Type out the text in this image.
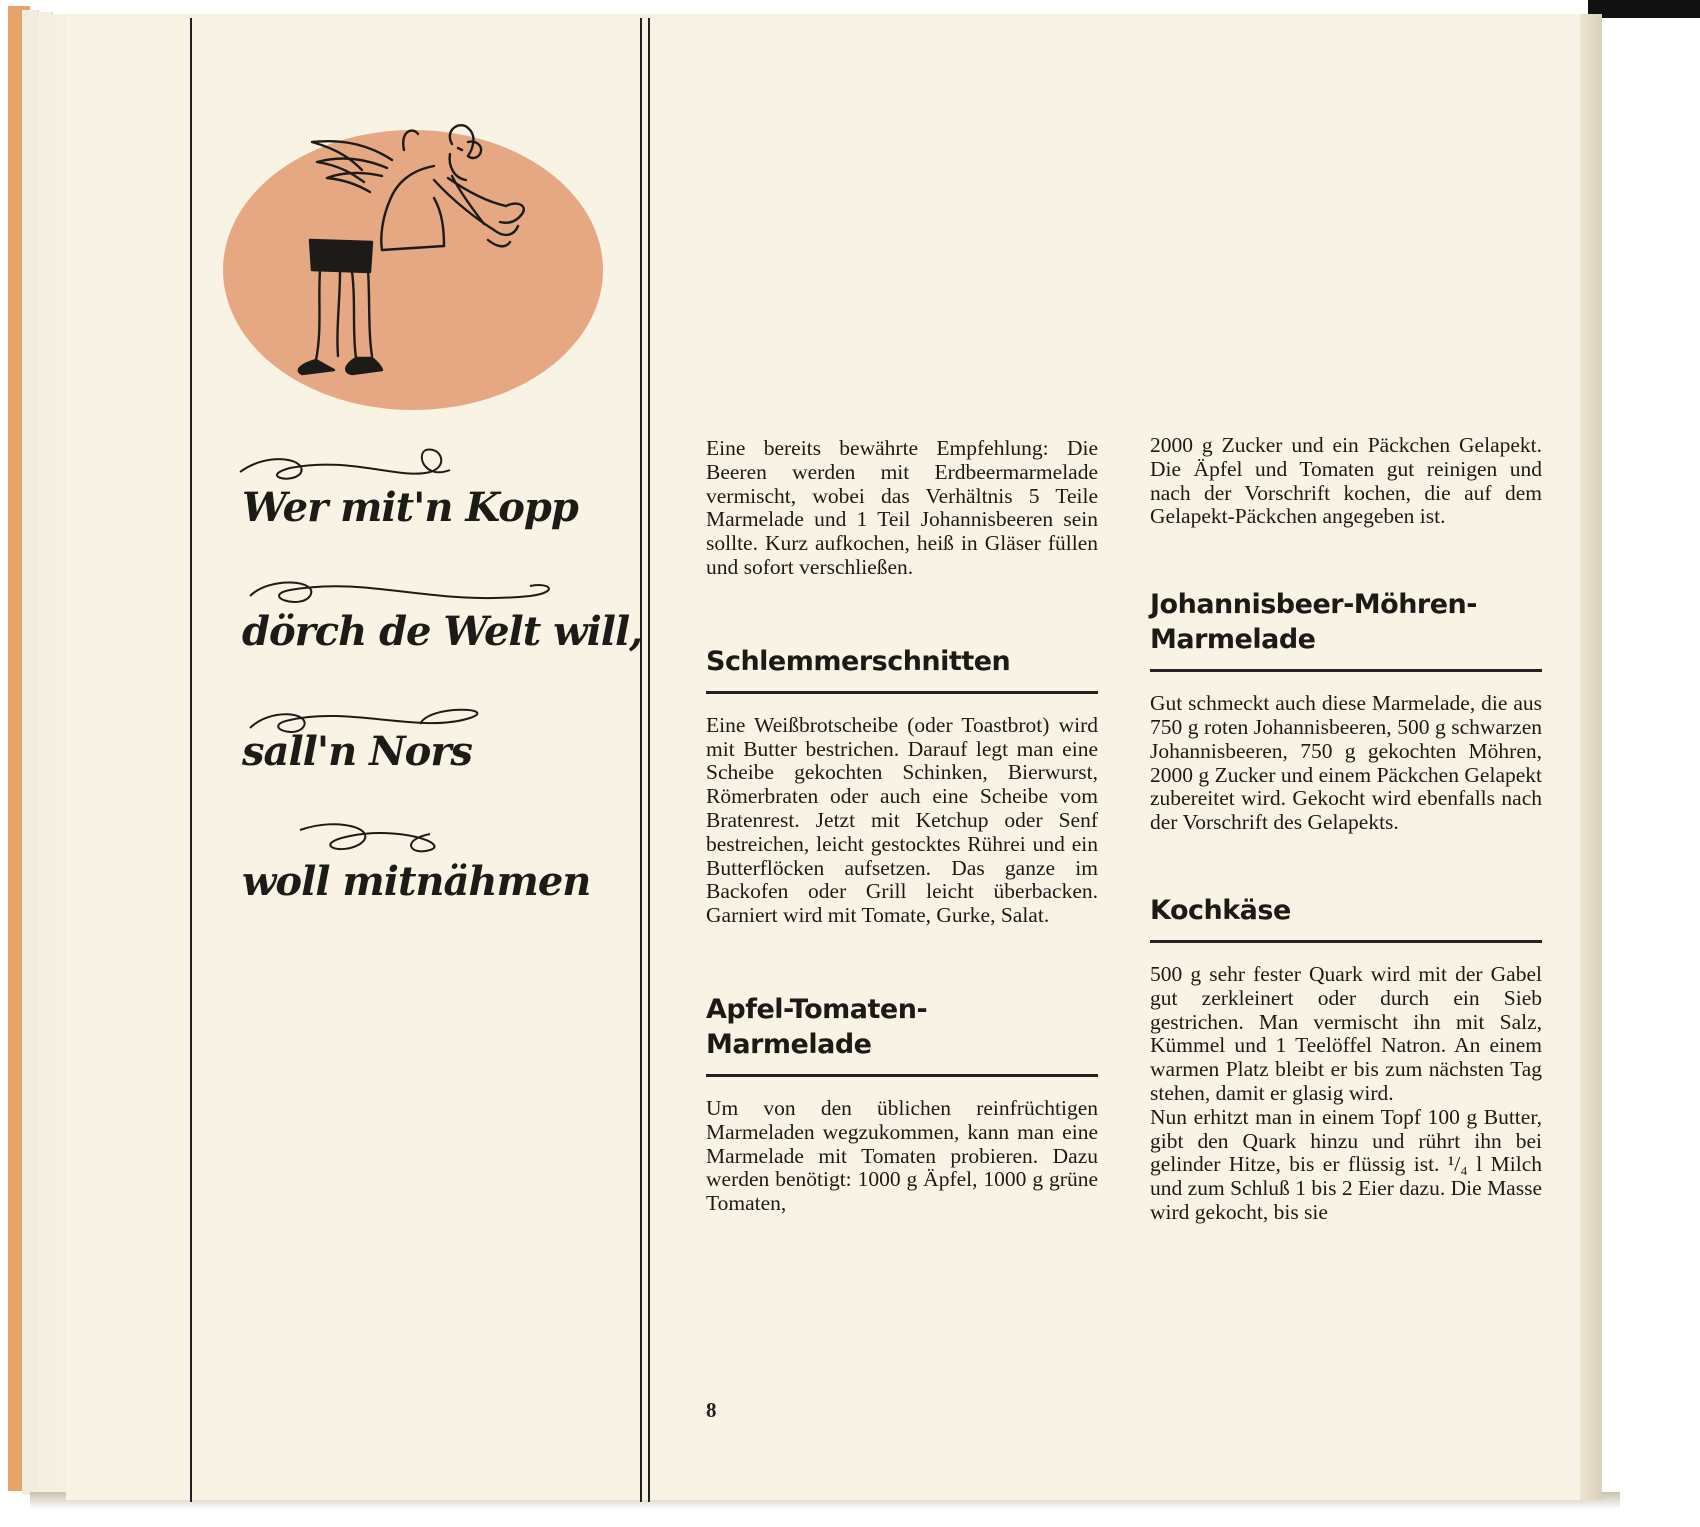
Wer mit'n Kopp
dörch de Welt will,
sall'n Nors
woll mitnähmen

Eine bereits bewährte Empfehlung: Die Beeren werden mit Erdbeermarmelade vermischt, wobei das Verhältnis 5 Teile Marmelade und 1 Teil Johannisbeeren sein sollte. Kurz aufkochen, heiß in Gläser füllen und sofort verschließen.

Schlemmerschnitten

Eine Weißbrotscheibe (oder Toastbrot) wird mit Butter bestrichen. Darauf legt man eine Scheibe gekochten Schinken, Bierwurst, Römerbraten oder auch eine Scheibe vom Bratenrest. Jetzt mit Ketchup oder Senf bestreichen, leicht gestocktes Rührei und ein Butterflöcken aufsetzen. Das ganze im Backofen oder Grill leicht überbacken. Garniert wird mit Tomate, Gurke, Salat.

Apfel-Tomaten-
Marmelade

Um von den üblichen reinfrüchtigen Marmeladen wegzukommen, kann man eine Marmelade mit Tomaten probieren. Dazu werden benötigt: 1000 g Äpfel, 1000 g grüne Tomaten,

2000 g Zucker und ein Päckchen Gelapekt. Die Äpfel und Tomaten gut reinigen und nach der Vorschrift kochen, die auf dem Gelapekt-Päckchen angegeben ist.

Johannisbeer-Möhren-
Marmelade

Gut schmeckt auch diese Marmelade, die aus 750 g roten Johannisbeeren, 500 g schwarzen Johannisbeeren, 750 g gekochten Möhren, 2000 g Zucker und einem Päckchen Gelapekt zubereitet wird. Gekocht wird ebenfalls nach der Vorschrift des Gelapekts.

Kochkäse

500 g sehr fester Quark wird mit der Gabel gut zerkleinert oder durch ein Sieb gestrichen. Man vermischt ihn mit Salz, Kümmel und 1 Teelöffel Natron. An einem warmen Platz bleibt er bis zum nächsten Tag stehen, damit er glasig wird.

Nun erhitzt man in einem Topf 100 g Butter, gibt den Quark hinzu und rührt ihn bei gelinder Hitze, bis er flüssig ist. ¹/₄ l Milch und zum Schluß 1 bis 2 Eier dazu. Die Masse wird gekocht, bis sie

8
